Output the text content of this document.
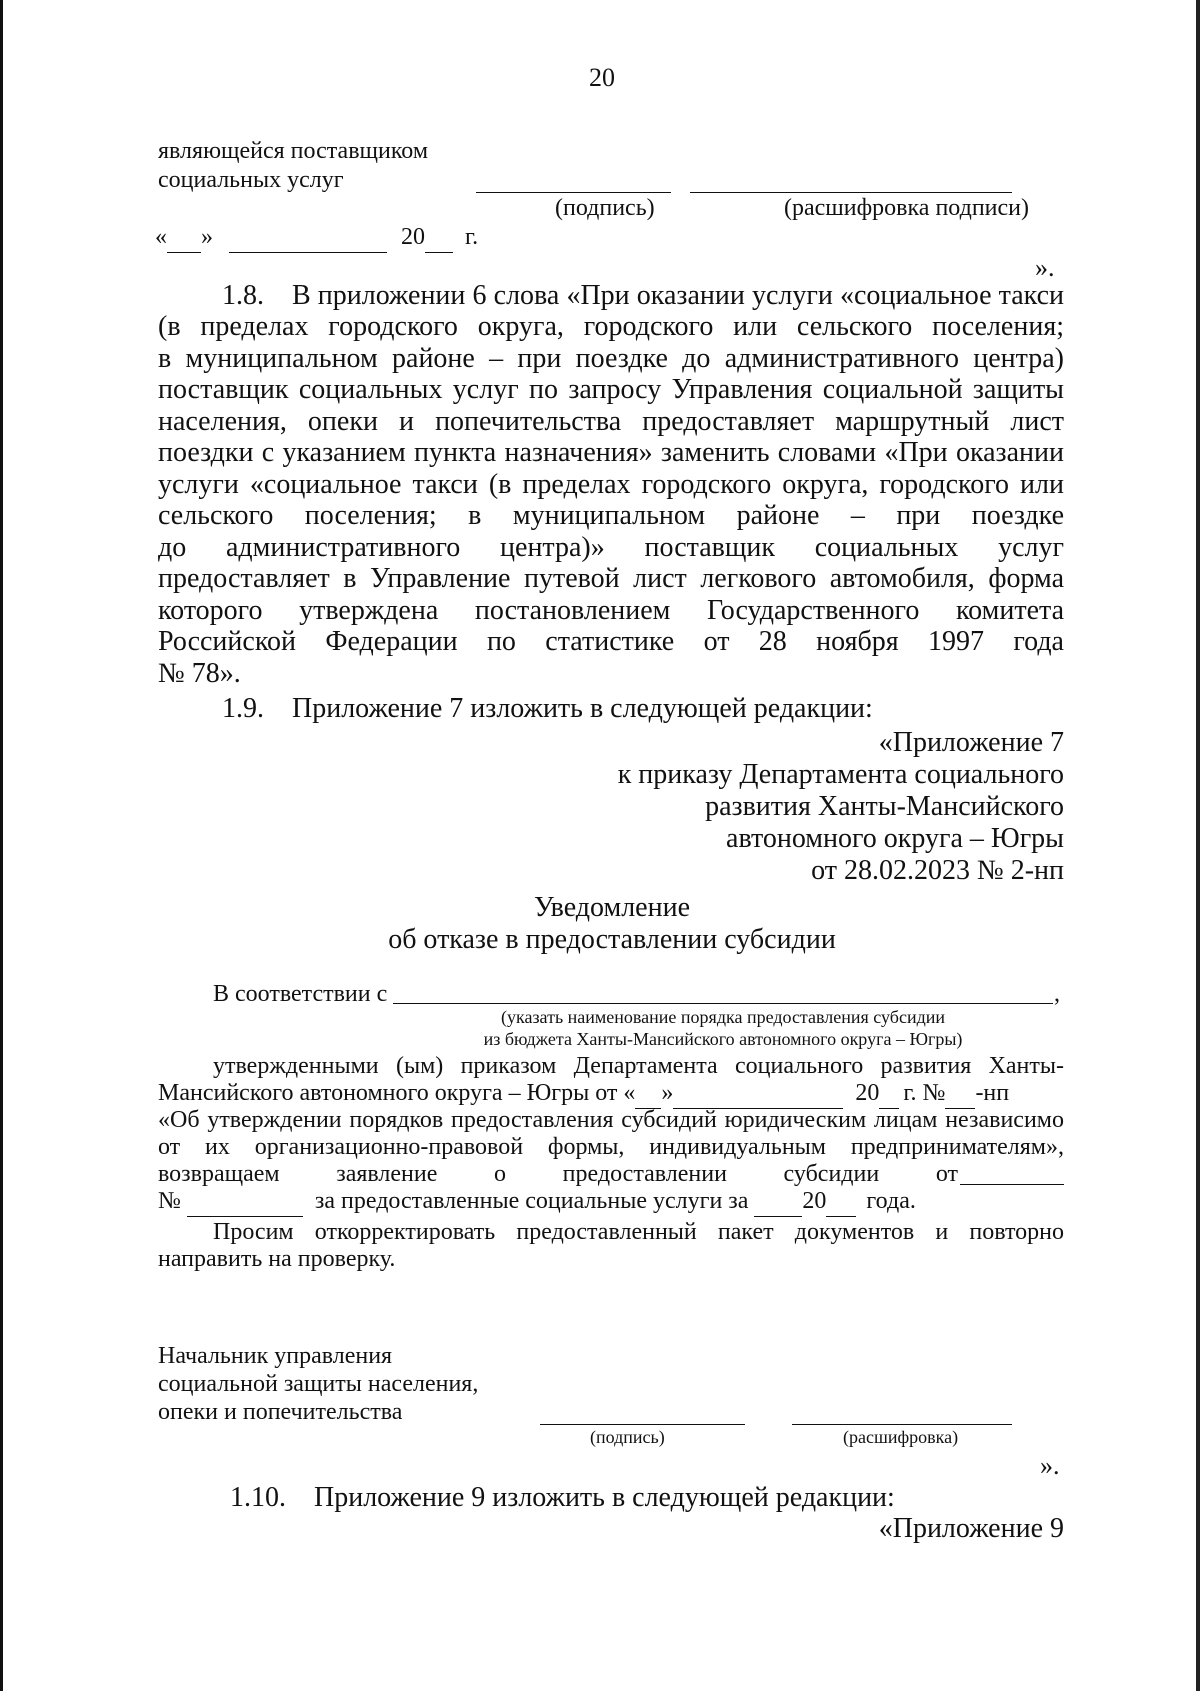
20
являющейся поставщиком
социальных услуг
(подпись)	(расшифровка подписи)
« »	20 г.
».
1.8. В приложении 6 слова «При оказании услуги «социальное такси
(в пределах городского округа, городского или сельского поселения;
в муниципальном районе – при поездке до административного центра)
поставщик социальных услуг по запросу Управления социальной защиты
населения, опеки и попечительства предоставляет маршрутный лист
поездки с указанием пункта назначения» заменить словами «При оказании
услуги «социальное такси (в пределах городского округа, городского или
сельского поселения; в муниципальном районе – при поездке
до административного центра)» поставщик социальных услуг
предоставляет в Управление путевой лист легкового автомобиля, форма
которого утверждена постановлением Государственного комитета
Российской Федерации по статистике от 28 ноября 1997 года
№ 78».
1.9. Приложение 7 изложить в следующей редакции:
«Приложение 7
к приказу Департамента социального
развития Ханты-Мансийского
автономного округа – Югры
от 28.02.2023 № 2-нп
Уведомление
об отказе в предоставлении субсидии
В соответствии с	,
(указать наименование порядка предоставления субсидии
из бюджета Ханты-Мансийского автономного округа – Югры)
утвержденными (ым) приказом Департамента социального развития Ханты-
Мансийского автономного округа – Югры от « »	20 г. № -нп
«Об утверждении порядков предоставления субсидий юридическим лицам независимо
от их организационно-правовой формы, индивидуальным предпринимателям»,
возвращаем заявление о предоставлении субсидии от
№	за предоставленные социальные услуги за 20 года.
Просим откорректировать предоставленный пакет документов и повторно
направить на проверку.
Начальник управления
социальной защиты населения,
опеки и попечительства
(подпись)	(расшифровка)
».
1.10. Приложение 9 изложить в следующей редакции:
«Приложение 9
